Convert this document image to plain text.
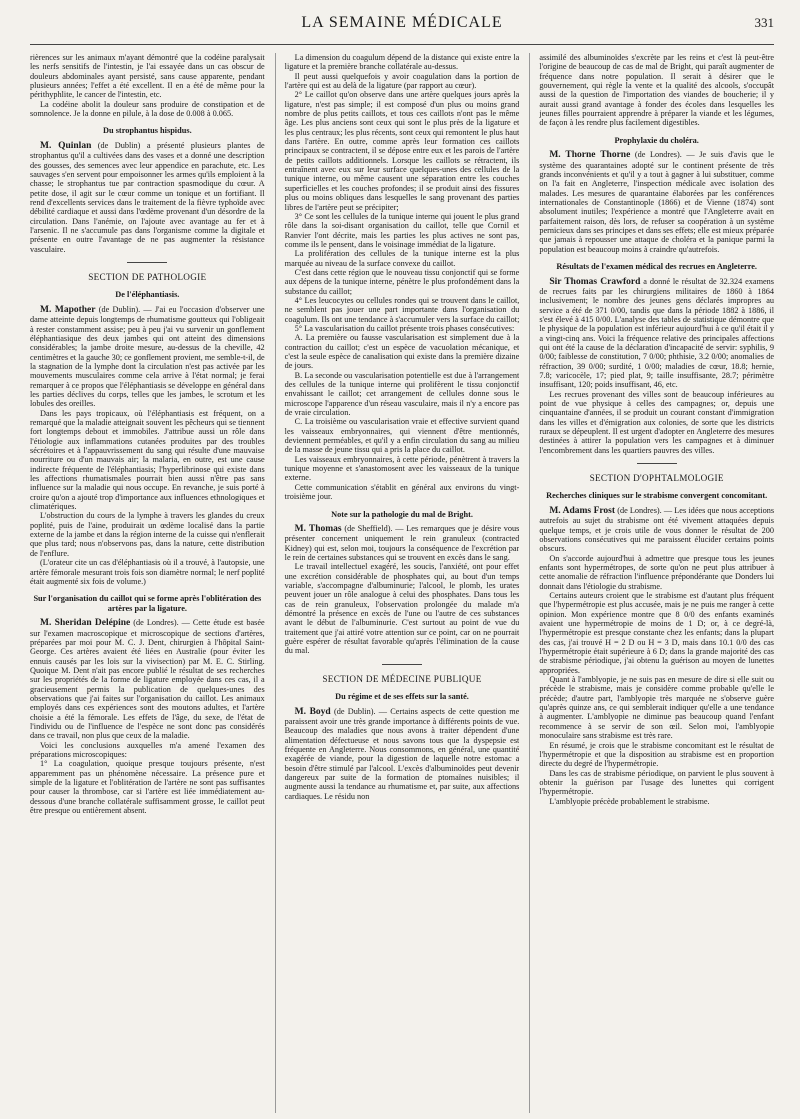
LA SEMAINE MÉDICALE	331

rièrences sur les animaux m'ayant démontré que la codéine paralysait les nerfs sensitifs de l'intestin, je l'ai essayée dans un cas obscur de douleurs abdominales ayant persisté, sans cause apparente, pendant plusieurs années; l'effet a été excellent. Il en a été de même pour la périthyphlite, le cancer de l'intestin, etc.

La codéine abolit la douleur sans produire de constipation et de somnolence. Je la donne en pilule, à la dose de 0.008 à 0.065.

Du strophantus hispidus.

M. Quinlan (de Dublin) a présenté plusieurs plantes de strophantus qu'il a cultivées dans des vases et a donné une description des gousses, des semences avec leur appendice en parachute, etc. Les sauvages s'en servent pour empoisonner les armes qu'ils emploient à la chasse; le strophantus tue par contraction spasmodique du cœur. A petite dose, il agit sur le cœur comme un tonique et un fortifiant. Il rend d'excellents services dans le traitement de la fièvre typhoïde avec débilité cardiaque et aussi dans l'œdème provenant d'un désordre de la circulation. Dans l'anémie, on l'ajoute avec avantage au fer et à l'arsenic. Il ne s'accumule pas dans l'organisme comme la digitale et présente en outre l'avantage de ne pas augmenter la résistance vasculaire.

SECTION DE PATHOLOGIE
De l'éléphantiasis.

M. Mapother (de Dublin). — J'ai eu l'occasion d'observer une dame atteinte depuis longtemps de rhumatisme goutteux qui l'obligeait à rester constamment assise; peu à peu j'ai vu survenir un gonflement éléphantiasique des deux jambes qui ont atteint des dimensions considérables; la jambe droite mesure, au-dessus de la cheville, 42 centimètres et la gauche 30; ce gonflement provient, me semble-t-il, de la stagnation de la lymphe dont la circulation n'est pas activée par les mouvements musculaires comme cela arrive à l'état normal; je ferai remarquer à ce propos que l'éléphantiasis se développe en général dans les parties déclives du corps, telles que les jambes, le scrotum et les lobules des oreilles.

Dans les pays tropicaux, où l'éléphantiasis est fréquent, on a remarqué que la maladie atteignait souvent les pêcheurs qui se tiennent fort longtemps debout et immobiles. J'attribue aussi un rôle dans l'étiologie aux inflammations cutanées produites par des troubles sécrétoires et à l'appauvrissement du sang qui résulte d'une mauvaise nourriture ou d'un mauvais air; la malaria, en outre, est une cause indirecte fréquente de l'éléphantiasis; l'hyperlibrinose qui existe dans les affections rhumatismales pourrait bien aussi n'être pas sans influence sur la maladie qui nous occupe. En revanche, je suis porté à croire qu'on a ajouté trop d'importance aux influences ethnologiques et climatériques.

L'obstruction du cours de la lymphe à travers les glandes du creux poplité, puis de l'aine, produirait un œdème localisé dans la partie externe de la jambe et dans la région interne de la cuisse qui n'enflerait que plus tard; nous n'observons pas, dans la nature, cette distribution de l'enflure.

(L'orateur cite un cas d'éléphantiasis où il a trouvé, à l'autopsie, une artère fémorale mesurant trois fois son diamètre normal; le nerf poplité était augmenté six fois de volume.)

Sur l'organisation du caillot qui se forme après l'oblitération des artères par la ligature.

M. Sheridan Delépine (de Londres). — Cette étude est basée sur l'examen macroscopique et microscopique de sections d'artères, préparées par moi pour M. C. J. Dent, chirurgien à l'hôpital Saint-George. Ces artères avaient été liées en Australie (pour éviter les ennuis causés par les lois sur la vivisection) par M. E. C. Stirling. Quoique M. Dent n'ait pas encore publié le résultat de ses recherches sur les propriétés de la forme de ligature employée dans ces cas, il a gracieusement permis la publication de quelques-unes des observations que j'ai faites sur l'organisation du caillot. Les animaux employés dans ces expériences sont des moutons adultes, et l'artère choisie a été la fémorale. Les effets de l'âge, du sexe, de l'état de l'individu ou de l'influence de l'espèce ne sont donc pas considérés dans ce travail, non plus que ceux de la maladie.

Voici les conclusions auxquelles m'a amené l'examen des préparations microscopiques:

1° La coagulation, quoique presque toujours présente, n'est apparemment pas un phénomène nécessaire. La présence pure et simple de la ligature et l'oblitération de l'artère ne sont pas suffisantes pour causer la thrombose, car si l'artère est liée immédiatement au-dessous d'une branche collatérale suffisamment grosse, le caillot peut être presque ou entièrement absent.

La dimension du coagulum dépend de la distance qui existe entre la ligature et la première branche collatérale au-dessus.

Il peut aussi quelquefois y avoir coagulation dans la portion de l'artère qui est au delà de la ligature (par rapport au cœur).

2° Le caillot qu'on observe dans une artère quelques jours après la ligature, n'est pas simple; il est composé d'un plus ou moins grand nombre de plus petits caillots, et tous ces caillots n'ont pas le même âge. Les plus anciens sont ceux qui sont le plus près de la ligature et les plus centraux; les plus récents, sont ceux qui remontent le plus haut dans l'artère. En outre, comme après leur formation ces caillots principaux se contractent, il se dépose entre eux et les parois de l'artère de petits caillots additionnels. Lorsque les caillots se rétractent, ils entraînent avec eux sur leur surface quelques-unes des cellules de la tunique interne, ou même causent une séparation entre les couches superficielles et les couches profondes; il se produit ainsi des fissures plus ou moins obliques dans lesquelles le sang provenant des parties libres de l'artère peut se précipiter;

3° Ce sont les cellules de la tunique interne qui jouent le plus grand rôle dans la soi-disant organisation du caillot, telle que Cornil et Ranvier l'ont décrite, mais les parties les plus actives ne sont pas, comme ils le pensent, dans le voisinage immédiat de la ligature.

La prolifération des cellules de la tunique interne est la plus marquée au niveau de la surface convexe du caillot.

C'est dans cette région que le nouveau tissu conjonctif qui se forme aux dépens de la tunique interne, pénètre le plus profondément dans la substance du caillot;

4° Les leucocytes ou cellules rondes qui se trouvent dans le caillot, ne semblent pas jouer une part importante dans l'organisation du coagulum. Ils ont une tendance à s'accumuler vers la surface du caillot;

5° La vascularisation du caillot présente trois phases consécutives:

A. La première ou fausse vascularisation est simplement due à la contraction du caillot; c'est un espèce de vacuolation mécanique, et c'est la seule espèce de canalisation qui existe dans la première dizaine de jours.

B. La seconde ou vascularisation potentielle est due à l'arrangement des cellules de la tunique interne qui prolifèrent le tissu conjonctif envahissant le caillot; cet arrangement de cellules donne sous le microscope l'apparence d'un réseau vasculaire, mais il n'y a encore pas de vraie circulation.

C. La troisième ou vascularisation vraie et effective survient quand les vaisseaux embryonnaires, qui viennent d'être mentionnés, deviennent perméables, et qu'il y a enfin circulation du sang au milieu de la masse de jeune tissu qui a pris la place du caillot.

Les vaisseaux embryonnaires, à cette période, pénètrent à travers la tunique moyenne et s'anastomosent avec les vaisseaux de la tunique externe.

Cette communication s'établit en général aux environs du vingt-troisième jour.

Note sur la pathologie du mal de Bright.

M. Thomas (de Sheffield). — Les remarques que je désire vous présenter concernent uniquement le rein granuleux (contracted Kidney) qui est, selon moi, toujours la conséquence de l'excrétion par le rein de certaines substances qui se trouvent en excès dans le sang.

Le travail intellectuel exagéré, les soucis, l'anxiété, ont pour effet une excrétion considérable de phosphates qui, au bout d'un temps variable, s'accompagne d'albuminurie; l'alcool, le plomb, les urates peuvent jouer un rôle analogue à celui des phosphates. Dans tous les cas de rein granuleux, l'observation prolongée du malade m'a démontré la présence en excès de l'une ou l'autre de ces substances avant le début de l'albuminurie. C'est surtout au point de vue du traitement que j'ai attiré votre attention sur ce point, car on ne pourrait guère espérer de résultat favorable qu'après l'élimination de la cause du mal.

SECTION DE MÉDECINE PUBLIQUE
Du régime et de ses effets sur la santé.

M. Boyd (de Dublin). — Certains aspects de cette question me paraissent avoir une très grande importance à différents points de vue. Beaucoup des maladies que nous avons à traiter dépendent d'une alimentation défectueuse et nous savons tous que la dyspepsie est fréquente en Angleterre. Nous consommons, en général, une quantité exagérée de viande, pour la digestion de laquelle notre estomac a besoin d'être stimulé par l'alcool. L'excès d'albuminoïdes peut devenir dangereux par suite de la formation de ptomaïnes nuisibles; il augmente aussi la tendance au rhumatisme et, par suite, aux affections cardiaques. Le résidu non

assimilé des albuminoïdes s'excrète par les reins et c'est là peut-être l'origine de beaucoup de cas de mal de Bright, qui paraît augmenter de fréquence dans notre population. Il serait à désirer que le gouvernement, qui règle la vente et la qualité des alcools, s'occupât aussi de la question de l'importation des viandes de boucherie; il y aurait aussi grand avantage à fonder des écoles dans lesquelles les jeunes filles pourraient apprendre à préparer la viande et les légumes, de façon à les rendre plus facilement digestibles.

Prophylaxie du choléra.

M. Thorne Thorne (de Londres). — Je suis d'avis que le système des quarantaines adopté sur le continent présente de très grands inconvénients et qu'il y a tout à gagner à lui substituer, comme on l'a fait en Angleterre, l'inspection médicale avec isolation des malades. Les mesures de quarantaine élaborées par les conférences internationales de Constantinople (1866) et de Vienne (1874) sont absolument inutiles; l'expérience a montré que l'Angleterre avait en parfaitement raison, dès lors, de refuser sa coopération à un système pernicieux dans ses principes et dans ses effets; elle est mieux préparée que jamais à repousser une attaque de choléra et la panique parmi la population est beaucoup moins à craindre qu'autrefois.

Résultats de l'examen médical des recrues en Angleterre.

Sir Thomas Crawford a donné le résultat de 32.324 examens de recrues faits par les chirurgiens militaires de 1860 à 1864 inclusivement; le nombre des jeunes gens déclarés impropres au service a été de 371 0/00, tandis que dans la période 1882 à 1886, il s'est élevé à 415 0/00. L'analyse des tables de statistique démontre que le physique de la population est inférieur aujourd'hui à ce qu'il était il y a vingt-cinq ans. Voici la fréquence relative des principales affections qui ont été la cause de la déclaration d'incapacité de servir: syphilis, 9 0/00; faiblesse de constitution, 7 0/00; phthisie, 3.2 0/00; anomalies de réfraction, 39 0/00; surdité, 1 0/00; maladies de cœur, 18.8; hernie, 7.8; varicocèle, 17; pied plat, 9; taille insuffisante, 28.7; périmètre insuffisant, 120; poids insuffisant, 46, etc.

Les recrues provenant des villes sont de beaucoup inférieures au point de vue physique à celles des campagnes; or, depuis une cinquantaine d'années, il se produit un courant constant d'immigration dans les villes et d'émigration aux colonies, de sorte que les districts ruraux se dépeuplent. Il est urgent d'adopter en Angleterre des mesures destinées à attirer la population vers les campagnes et à diminuer l'encombrement dans les quartiers pauvres des villes.

SECTION D'OPHTALMOLOGIE
Recherches cliniques sur le strabisme convergent concomitant.

M. Adams Frost (de Londres). — Les idées que nous acceptions autrefois au sujet du strabisme ont été vivement attaquées depuis quelque temps, et je crois utile de vous donner le résultat de 200 observations consécutives qui me paraissent élucider certains points obscurs.

On s'accorde aujourd'hui à admettre que presque tous les jeunes enfants sont hypermétropes, de sorte qu'on ne peut plus attribuer à cette anomalie de réfraction l'influence prépondérante que Donders lui donnait dans l'étiologie du strabisme.

Certains auteurs croient que le strabisme est d'autant plus fréquent que l'hypermétropie est plus accusée, mais je ne puis me ranger à cette opinion. Mon expérience montre que 8 0/0 des enfants examinés avaient une hypermétropie de moins de 1 D; or, à ce degré-là, l'hypermétropie est presque constante chez les enfants; dans la plupart des cas, j'ai trouvé H = 2 D ou H = 3 D, mais dans 10.1 0/0 des cas l'hypermétropie était supérieure à 6 D; dans la grande majorité des cas de strabisme périodique, j'ai obtenu la guérison au moyen de lunettes appropriées.

Quant à l'amblyopie, je ne suis pas en mesure de dire si elle suit ou précède le strabisme, mais je considère comme probable qu'elle le précède; d'autre part, l'amblyopie très marquée ne s'observe guère qu'après quinze ans, ce qui semblerait indiquer qu'elle a une tendance à augmenter. L'amblyopie ne diminue pas beaucoup quand l'enfant recommence à se servir de son œil. Selon moi, l'amblyopie monoculaire sans strabisme est très rare.

En résumé, je crois que le strabisme concomitant est le résultat de l'hypermétropie et que la disposition au strabisme est en proportion directe du degré de l'hypermétropie.

Dans les cas de strabisme périodique, on parvient le plus souvent à obtenir la guérison par l'usage des lunettes qui corrigent l'hypermétropie.

L'amblyopie précède probablement le strabisme.
